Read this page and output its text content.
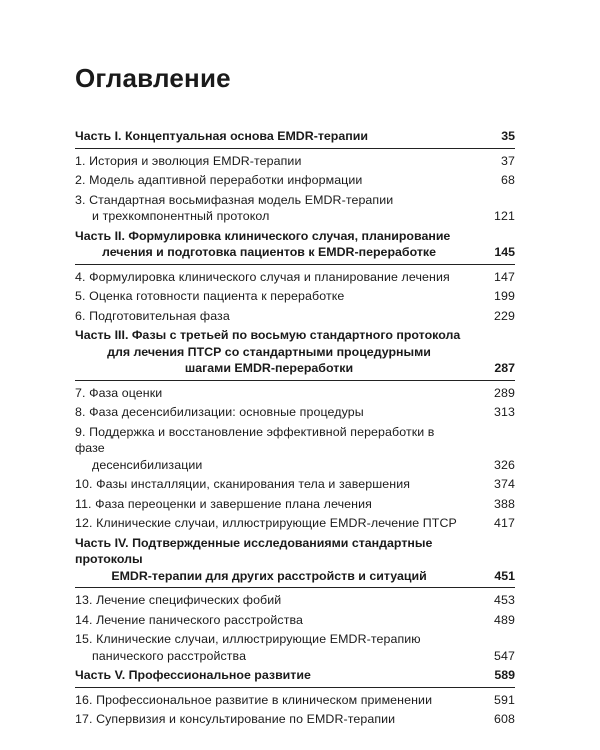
Оглавление
Часть I. Концептуальная основа EMDR-терапии	35
1. История и эволюция EMDR-терапии	37
2. Модель адаптивной переработки информации	68
3. Стандартная восьмифазная модель EMDR-терапии
и трехкомпонентный протокол	121
Часть II. Формулировка клинического случая, планирование
лечения и подготовка пациентов к EMDR-переработке	145
4. Формулировка клинического случая и планирование лечения	147
5. Оценка готовности пациента к переработке	199
6. Подготовительная фаза	229
Часть III. Фазы с третьей по восьмую стандартного протокола
для лечения ПТСР со стандартными процедурными
шагами EMDR-переработки	287
7. Фаза оценки	289
8. Фаза десенсибилизации: основные процедуры	313
9. Поддержка и восстановление эффективной переработки в фазе
десенсибилизации	326
10. Фазы инсталляции, сканирования тела и завершения	374
11. Фаза переоценки и завершение плана лечения	388
12. Клинические случаи, иллюстрирующие EMDR-лечение ПТСР	417
Часть IV. Подтвержденные исследованиями стандартные протоколы
EMDR-терапии для других расстройств и ситуаций	451
13. Лечение специфических фобий	453
14. Лечение панического расстройства	489
15. Клинические случаи, иллюстрирующие EMDR-терапию
панического расстройства	547
Часть V. Профессиональное развитие	589
16. Профессиональное развитие в клиническом применении	591
17. Супервизия и консультирование по EMDR-терапии	608
